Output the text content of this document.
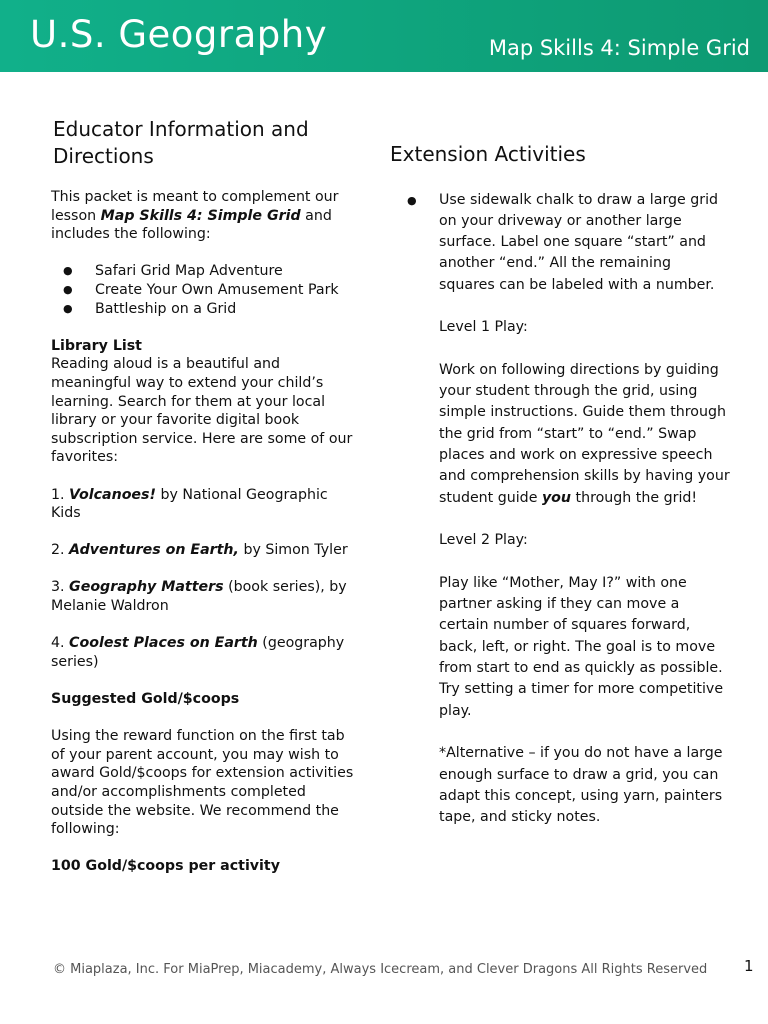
U.S. Geography	Map Skills 4: Simple Grid
Educator Information and Directions

This packet is meant to complement our lesson Map Skills 4: Simple Grid and includes the following:

● Safari Grid Map Adventure
● Create Your Own Amusement Park
● Battleship on a Grid

Library List

Reading aloud is a beautiful and meaningful way to extend your child’s learning. Search for them at your local library or your favorite digital book subscription service. Here are some of our favorites:

1. Volcanoes! by National Geographic Kids

2. Adventures on Earth, by Simon Tyler

3. Geography Matters (book series), by Melanie Waldron

4. Coolest Places on Earth (geography series)

Suggested Gold/$coops

Using the reward function on the first tab of your parent account, you may wish to award Gold/$coops for extension activities and/or accomplishments completed outside the website. We recommend the following:

100 Gold/$coops per activity

Extension Activities
● Use sidewalk chalk to draw a large grid on your driveway or another large surface. Label one square “start” and another “end.” All the remaining squares can be labeled with a number.

Level 1 Play:

Work on following directions by guiding your student through the grid, using simple instructions. Guide them through the grid from “start” to “end.” Swap places and work on expressive speech and comprehension skills by having your student guide you through the grid!

Level 2 Play:

Play like “Mother, May I?” with one partner asking if they can move a certain number of squares forward, back, left, or right. The goal is to move from start to end as quickly as possible. Try setting a timer for more competitive play.

*Alternative – if you do not have a large enough surface to draw a grid, you can adapt this concept, using yarn, painters tape, and sticky notes.

© Miaplaza, Inc. For MiaPrep, Miacademy, Always Icecream, and Clever Dragons All Rights Reserved 1
